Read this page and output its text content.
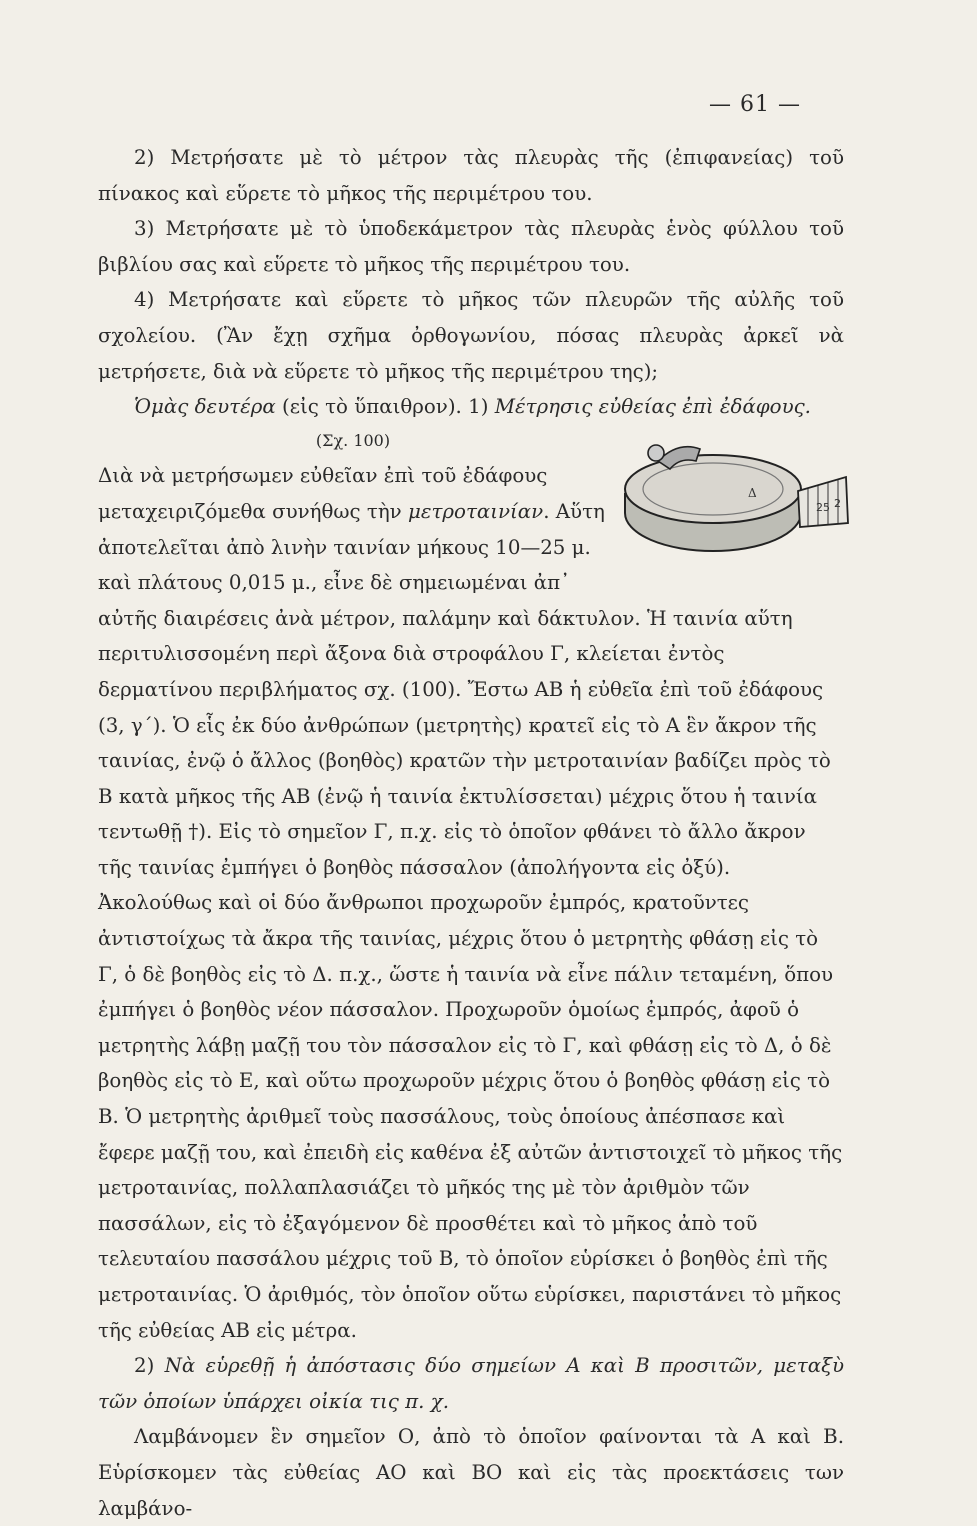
— 61 —

2) Μετρήσατε μὲ τὸ μέτρον τὰς πλευρὰς τῆς (ἐπιφανείας) τοῦ πίνακος καὶ εὕρετε τὸ μῆκος τῆς περιμέτρου του.

3) Μετρήσατε μὲ τὸ ὑποδεκάμετρον τὰς πλευρὰς ἑνὸς φύλλου τοῦ βιβλίου σας καὶ εὕρετε τὸ μῆκος τῆς περιμέτρου του.

4) Μετρήσατε καὶ εὕρετε τὸ μῆκος τῶν πλευρῶν τῆς αὐλῆς τοῦ σχολείου. (Ἂν ἔχῃ σχῆμα ὀρθογωνίου, πόσας πλευρὰς ἀρκεῖ νὰ μετρήσετε, διὰ νὰ εὕρετε τὸ μῆκος τῆς περιμέτρου της);

Ὁμὰς δευτέρα (εἰς τὸ ὕπαιθρον). 1) Μέτρησις εὐθείας ἐπὶ ἐδάφους.

25 2
Δ

(Σχ. 100)
Διὰ νὰ μετρήσωμεν εὐθεῖαν ἐπὶ τοῦ ἐδάφους μεταχειριζόμεθα συνήθως τὴν μετροταινίαν. Αὕτη ἀποτελεῖται ἀπὸ λινὴν ταινίαν μήκους 10—25 μ. καὶ πλάτους 0,015 μ., εἶνε δὲ σημειωμέναι ἀπ᾽ αὐτῆς διαιρέσεις ἀνὰ μέτρον, παλάμην καὶ δάκτυλον. Ἡ ταινία αὕτη περιτυλισσομένη περὶ ἄξονα διὰ στροφάλου Γ, κλείεται ἐντὸς δερματίνου περιβλήματος σχ. (100). Ἔστω ΑΒ ἡ εὐθεῖα ἐπὶ τοῦ ἐδάφους (3, γ΄). Ὁ εἷς ἐκ δύο ἀνθρώπων (μετρητὴς) κρατεῖ εἰς τὸ Α ἓν ἄκρον τῆς ταινίας, ἐνῷ ὁ ἄλλος (βοηθὸς) κρατῶν τὴν μετροταινίαν βαδίζει πρὸς τὸ Β κατὰ μῆκος τῆς ΑΒ (ἐνῷ ἡ ταινία ἐκτυλίσσεται) μέχρις ὅτου ἡ ταινία τεντωθῇ †). Εἰς τὸ σημεῖον Γ, π.χ. εἰς τὸ ὁποῖον φθάνει τὸ ἄλλο ἄκρον τῆς ταινίας ἐμπήγει ὁ βοηθὸς πάσσαλον (ἀπολήγοντα εἰς ὀξύ). Ἀκολούθως καὶ οἱ δύο ἄνθρωποι προχωροῦν ἐμπρός, κρατοῦντες ἀντιστοίχως τὰ ἄκρα τῆς ταινίας, μέχρις ὅτου ὁ μετρητὴς φθάσῃ εἰς τὸ Γ, ὁ δὲ βοηθὸς εἰς τὸ Δ. π.χ., ὥστε ἡ ταινία νὰ εἶνε πάλιν τεταμένη, ὅπου ἐμπήγει ὁ βοηθὸς νέον πάσσαλον. Προχωροῦν ὁμοίως ἐμπρός, ἀφοῦ ὁ μετρητὴς λάβῃ μαζῇ του τὸν πάσσαλον εἰς τὸ Γ, καὶ φθάσῃ εἰς τὸ Δ, ὁ δὲ βοηθὸς εἰς τὸ Ε, καὶ οὕτω προχωροῦν μέχρις ὅτου ὁ βοηθὸς φθάσῃ εἰς τὸ Β. Ὁ μετρητὴς ἀριθμεῖ τοὺς πασσάλους, τοὺς ὁποίους ἀπέσπασε καὶ ἔφερε μαζῇ του, καὶ ἐπειδὴ εἰς καθένα ἐξ αὐτῶν ἀντιστοιχεῖ τὸ μῆκος τῆς μετροταινίας, πολλαπλασιάζει τὸ μῆκός της μὲ τὸν ἀριθμὸν τῶν πασσάλων, εἰς τὸ ἐξαγόμενον δὲ προσθέτει καὶ τὸ μῆκος ἀπὸ τοῦ τελευταίου πασσάλου μέχρις τοῦ Β, τὸ ὁποῖον εὑρίσκει ὁ βοηθὸς ἐπὶ τῆς μετροταινίας. Ὁ ἀριθμός, τὸν ὁποῖον οὕτω εὑρίσκει, παριστάνει τὸ μῆκος τῆς εὐθείας ΑΒ εἰς μέτρα.

2) Νὰ εὑρεθῇ ἡ ἀπόστασις δύο σημείων Α καὶ Β προσιτῶν, μεταξὺ τῶν ὁποίων ὑπάρχει οἰκία τις π. χ.

Λαμβάνομεν ἓν σημεῖον Ο, ἀπὸ τὸ ὁποῖον φαίνονται τὰ Α καὶ Β. Εὑρίσκομεν τὰς εὐθείας ΑΟ καὶ ΒΟ καὶ εἰς τὰς προεκτάσεις των λαμβάνο-
